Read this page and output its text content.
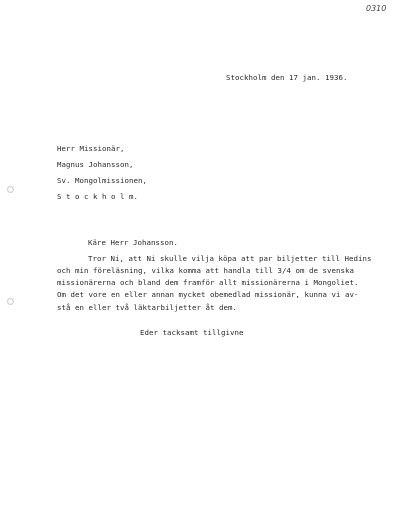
0310
Stockholm den 17 jan. 1936.
Herr Missionär,
Magnus Johansson,
Sv. Mongolmissionen,
S t o c k h o l m.
Käre Herr Johansson.
Tror Ni, att Ni skulle vilja köpa att par biljetter till Hedins
och min föreläsning, vilka komma att handla till 3/4 om de svenska
missionärerna och bland dem framför allt missionärerna i Mongoliet.
Om det vore en eller annan mycket obemedlad missionär, kunna vi av-
stå en eller två läktarbiljetter åt dem.
Eder tacksamt tillgivne
